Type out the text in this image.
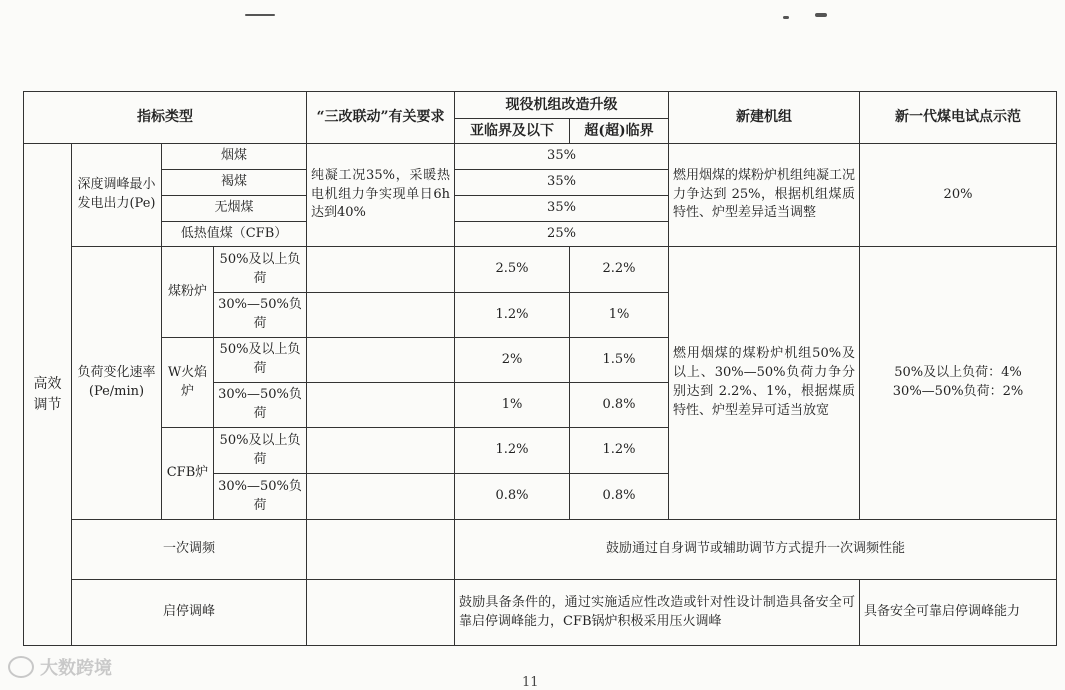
指标类型				“三改联动”有关要求	现役机组改造升级		新建机组	新一代煤电试点示范
					亚临界及以下	超(超)临界		
高效调节	深度调峰最小发电出力(Pe)	烟煤		纯凝工况35%，采暖热电机组力争实现单日6h达到40%	35%		燃用烟煤的煤粉炉机组纯凝工况力争达到 25%，根据机组煤质特性、炉型差异适当调整	20%
		褐煤			35%			
		无烟煤			35%			
		低热值煤（CFB）			25%			
	负荷变化速率(Pe/min)	煤粉炉	50%及以上负荷		2.5%	2.2%	燃用烟煤的煤粉炉机组50%及以上、30%—50%负荷力争分别达到 2.2%、1%，根据煤质特性、炉型差异可适当放宽	50%及以上负荷：4%
30%—50%负荷：2%

			30%—50%负荷		1.2%	1%		
		W火焰炉	50%及以上负荷		2%	1.5%		
			30%—50%负荷		1%	0.8%		
		CFB炉	50%及以上负荷		1.2%	1.2%		
			30%—50%负荷		0.8%	0.8%		
	一次调频				鼓励通过自身调节或辅助调节方式提升一次调频性能			
	启停调峰				鼓励具备条件的，通过实施适应性改造或针对性设计制造具备安全可靠启停调峰能力，CFB锅炉积极采用压火调峰			具备安全可靠启停调峰能力
大数跨境
11
